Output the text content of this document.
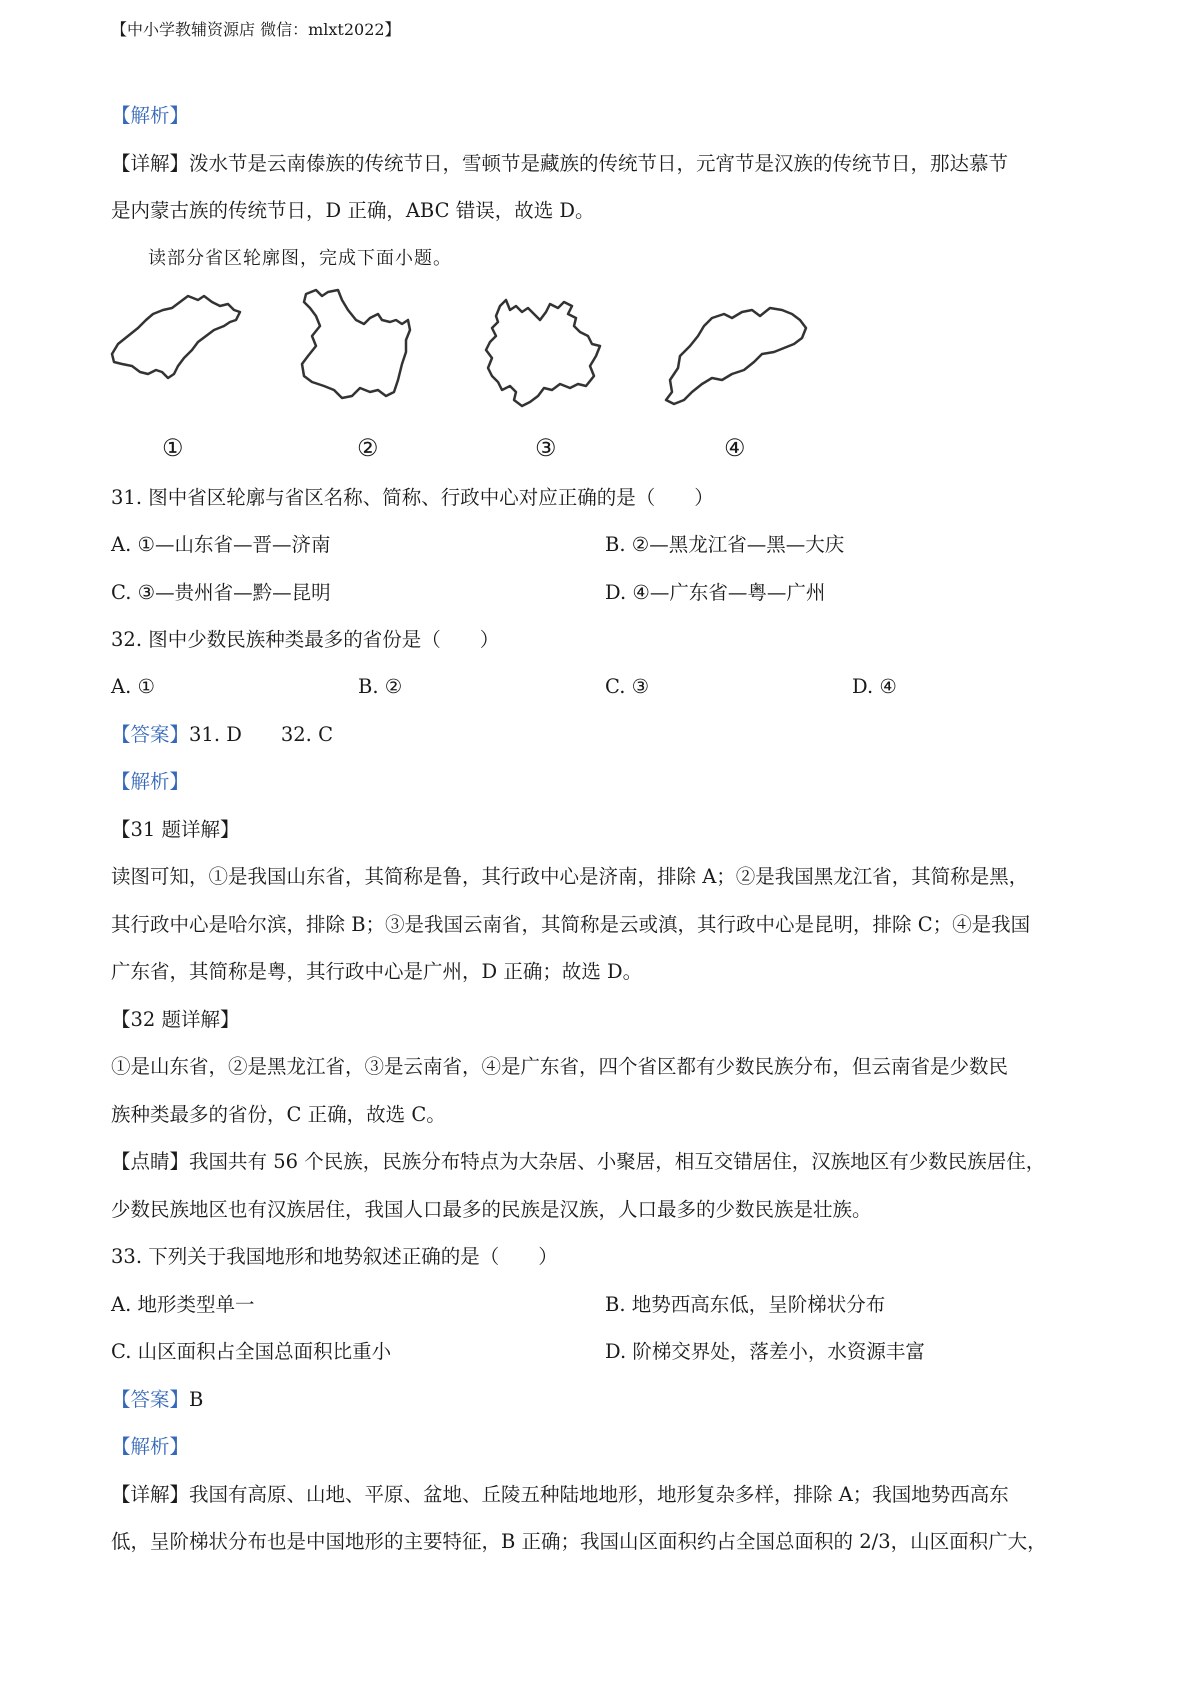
【中小学教辅资源店 微信：mlxt2022】
【解析】
【详解】泼水节是云南傣族的传统节日，雪顿节是藏族的传统节日，元宵节是汉族的传统节日，那达慕节
是内蒙古族的传统节日，D 正确，ABC 错误，故选 D。
读部分省区轮廓图，完成下面小题。
①	②	③	④
31. 图中省区轮廓与省区名称、简称、行政中心对应正确的是（　　）
A. ①—山东省—晋—济南	B. ②—黑龙江省—黑—大庆
C. ③—贵州省—黔—昆明	D. ④—广东省—粤—广州
32. 图中少数民族种类最多的省份是（　　）
A. ①	B. ②	C. ③	D. ④
【答案】31. D　　32. C
【解析】
【31 题详解】
读图可知，①是我国山东省，其简称是鲁，其行政中心是济南，排除 A；②是我国黑龙江省，其简称是黑，
其行政中心是哈尔滨，排除 B；③是我国云南省，其简称是云或滇，其行政中心是昆明，排除 C；④是我国
广东省，其简称是粤，其行政中心是广州，D 正确；故选 D。
【32 题详解】
①是山东省，②是黑龙江省，③是云南省，④是广东省，四个省区都有少数民族分布，但云南省是少数民
族种类最多的省份，C 正确，故选 C。
【点睛】我国共有 56 个民族，民族分布特点为大杂居、小聚居，相互交错居住，汉族地区有少数民族居住，
少数民族地区也有汉族居住，我国人口最多的民族是汉族，人口最多的少数民族是壮族。
33. 下列关于我国地形和地势叙述正确的是（　　）
A. 地形类型单一	B. 地势西高东低，呈阶梯状分布
C. 山区面积占全国总面积比重小	D. 阶梯交界处，落差小，水资源丰富
【答案】B
【解析】
【详解】我国有高原、山地、平原、盆地、丘陵五种陆地地形，地形复杂多样，排除 A；我国地势西高东
低，呈阶梯状分布也是中国地形的主要特征，B 正确；我国山区面积约占全国总面积的 2/3，山区面积广大，
